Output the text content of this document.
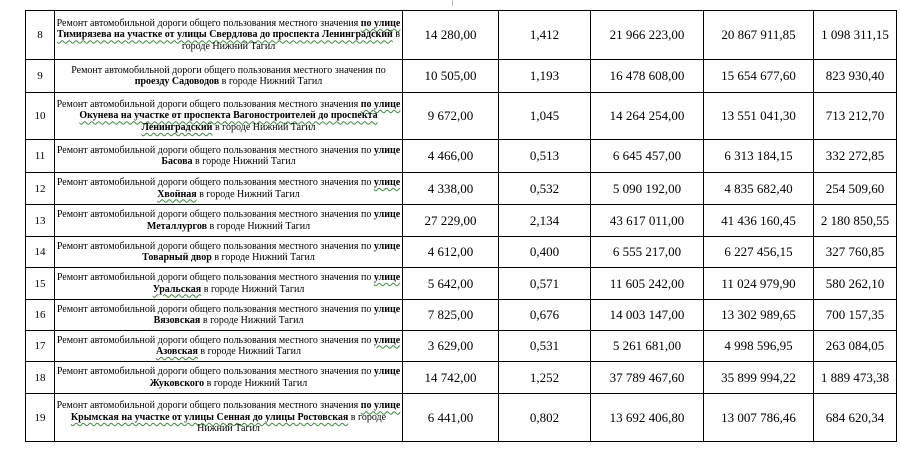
8	Ремонт автомобильной дороги общего пользования местного значения по улице Тимирязева на участке от улицы Свердлова до проспекта Ленинградский в городе Нижний Тагил	14 280,00	1,412	21 966 223,00	20 867 911,85	1 098 311,15
9	Ремонт автомобильной дороги общего пользования местного значения по проезду Садоводов в городе Нижний Тагил	10 505,00	1,193	16 478 608,00	15 654 677,60	823 930,40
10	Ремонт автомобильной дороги общего пользования местного значения по улице Окунева на участке от проспекта Вагоностроителей до проспекта Ленинградский в городе Нижний Тагил	9 672,00	1,045	14 264 254,00	13 551 041,30	713 212,70
11	Ремонт автомобильной дороги общего пользования местного значения по улице Басова в городе Нижний Тагил	4 466,00	0,513	6 645 457,00	6 313 184,15	332 272,85
12	Ремонт автомобильной дороги общего пользования местного значения по улице Хвойная в городе Нижний Тагил	4 338,00	0,532	5 090 192,00	4 835 682,40	254 509,60
13	Ремонт автомобильной дороги общего пользования местного значения по улице Металлургов в городе Нижний Тагил	27 229,00	2,134	43 617 011,00	41 436 160,45	2 180 850,55
14	Ремонт автомобильной дороги общего пользования местного значения по улице Товарный двор в городе Нижний Тагил	4 612,00	0,400	6 555 217,00	6 227 456,15	327 760,85
15	Ремонт автомобильной дороги общего пользования местного значения по улице Уральская в городе Нижний Тагил	5 642,00	0,571	11 605 242,00	11 024 979,90	580 262,10
16	Ремонт автомобильной дороги общего пользования местного значения по улице Вязовская в городе Нижний Тагил	7 825,00	0,676	14 003 147,00	13 302 989,65	700 157,35
17	Ремонт автомобильной дороги общего пользования местного значения по улице Азовская в городе Нижний Тагил	3 629,00	0,531	5 261 681,00	4 998 596,95	263 084,05
18	Ремонт автомобильной дороги общего пользования местного значения по улице Жуковского в городе Нижний Тагил	14 742,00	1,252	37 789 467,60	35 899 994,22	1 889 473,38
19	Ремонт автомобильной дороги общего пользования местного значения по улице Крымская на участке от улицы Сенная до улицы Ростовская в городе Нижний Тагил	6 441,00	0,802	13 692 406,80	13 007 786,46	684 620,34
